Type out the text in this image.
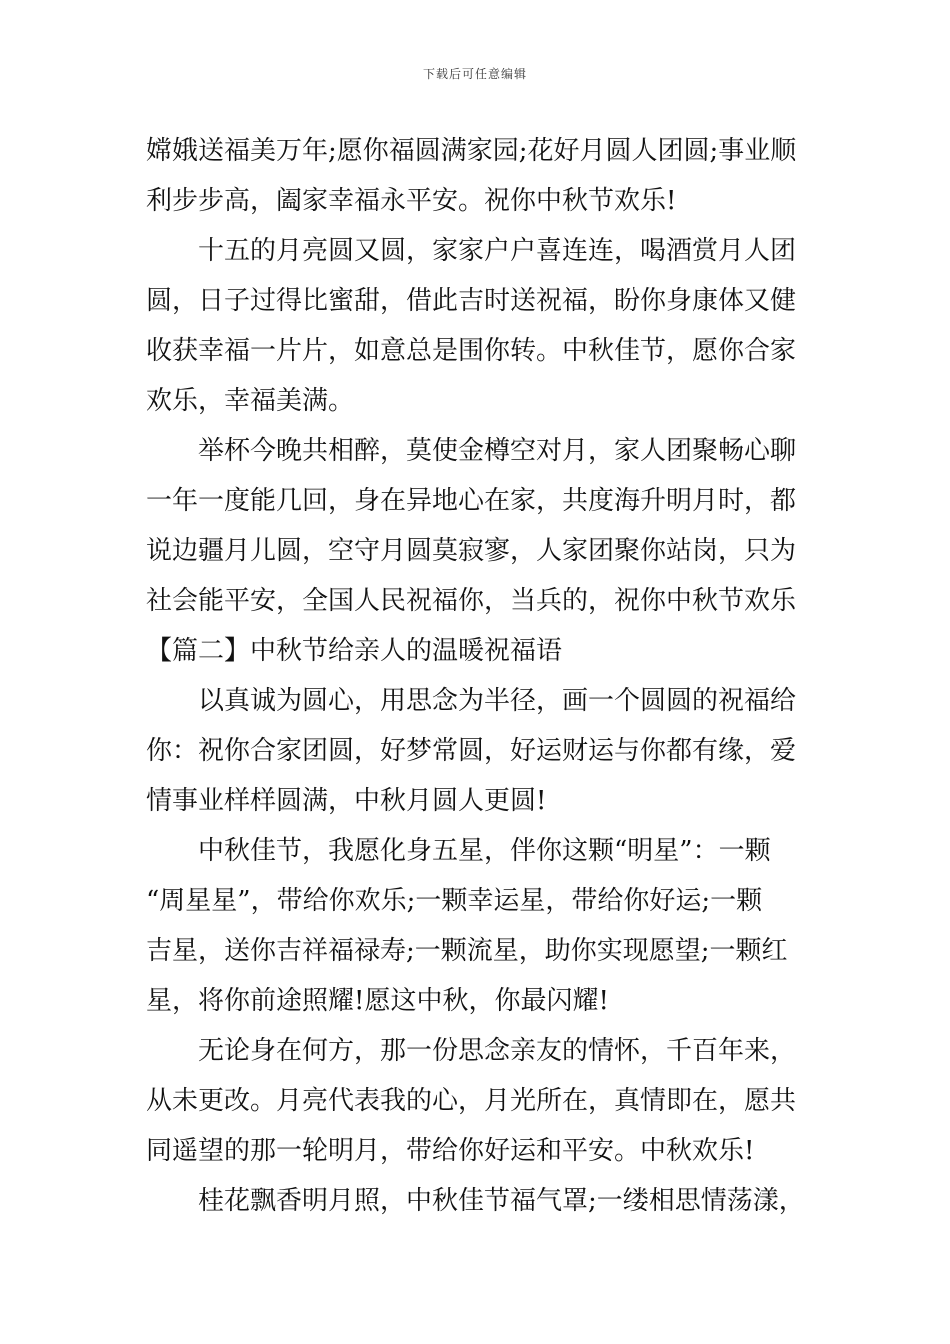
下载后可任意编辑
嫦娥送福美万年;愿你福圆满家园;花好月圆人团圆;事业顺
利步步高，阖家幸福永平安。祝你中秋节欢乐!
十五的月亮圆又圆，家家户户喜连连，喝酒赏月人团
圆，日子过得比蜜甜，借此吉时送祝福，盼你身康体又健
收获幸福一片片，如意总是围你转。中秋佳节，愿你合家
欢乐，幸福美满。
举杯今晚共相醉，莫使金樽空对月，家人团聚畅心聊
一年一度能几回，身在异地心在家，共度海升明月时，都
说边疆月儿圆，空守月圆莫寂寥，人家团聚你站岗，只为
社会能平安，全国人民祝福你，当兵的，祝你中秋节欢乐
【篇二】中秋节给亲人的温暖祝福语
以真诚为圆心，用思念为半径，画一个圆圆的祝福给
你：祝你合家团圆，好梦常圆，好运财运与你都有缘，爱
情事业样样圆满，中秋月圆人更圆!
中秋佳节，我愿化身五星，伴你这颗“明星”：一颗
“周星星”，带给你欢乐;一颗幸运星，带给你好运;一颗
吉星，送你吉祥福禄寿;一颗流星，助你实现愿望;一颗红
星，将你前途照耀!愿这中秋，你最闪耀!
无论身在何方，那一份思念亲友的情怀，千百年来，
从未更改。月亮代表我的心，月光所在，真情即在，愿共
同遥望的那一轮明月，带给你好运和平安。中秋欢乐!
桂花飘香明月照，中秋佳节福气罩;一缕相思情荡漾，
